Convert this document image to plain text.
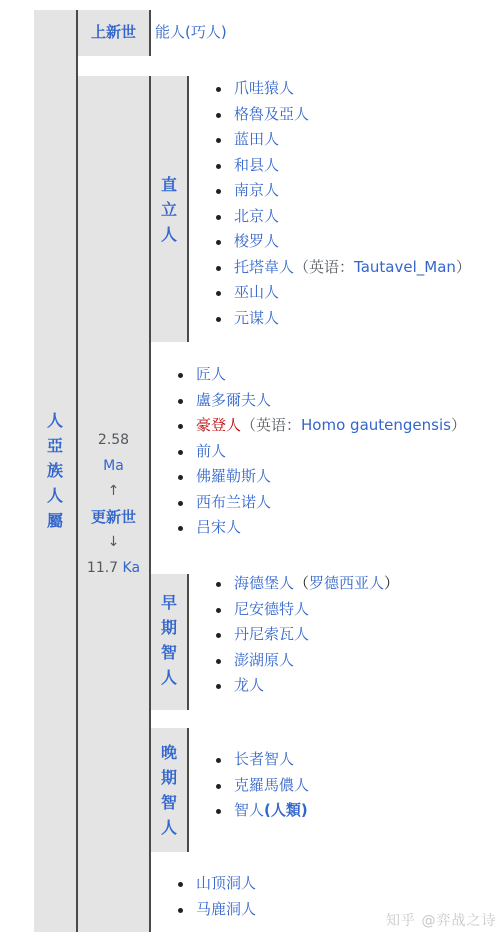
人
亞
族
人
屬
上新世	能人(巧人)
2.58
Ma
↑
更新世
↓
11.7 Ka
直
立
人
爪哇猿人
格魯及亞人
蓝田人
和县人
南京人
北京人
梭罗人
托塔韋人（英语：Tautavel_Man）
巫山人
元谋人
匠人
盧多爾夫人
豪登人（英语：Homo gautengensis）
前人
佛羅勒斯人
西布兰诺人
吕宋人
早
期
智
人
海德堡人（罗德西亚人）
尼安德特人
丹尼索瓦人
澎湖原人
龙人
晚
期
智
人
长者智人
克羅馬儂人
智人(人類)
山顶洞人
马鹿洞人
知乎 @弈战之诗
